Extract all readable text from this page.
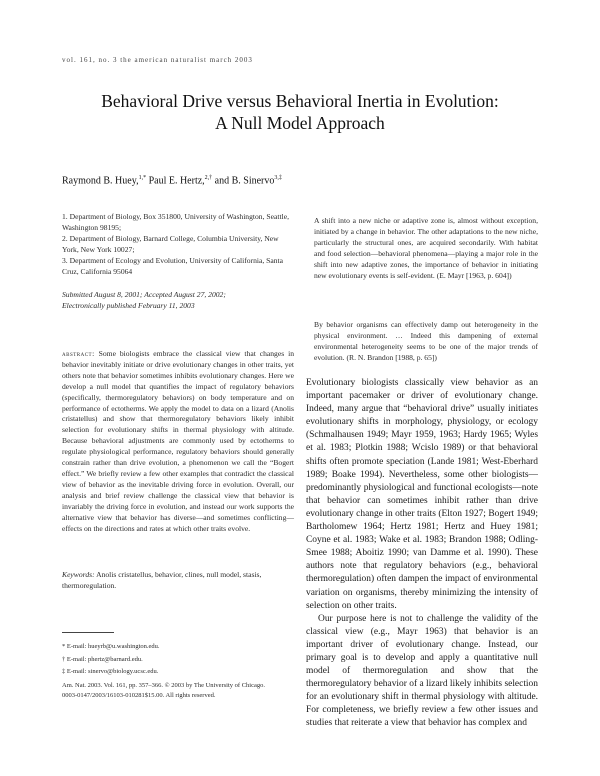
vol. 161, no. 3 the american naturalist march 2003
Behavioral Drive versus Behavioral Inertia in Evolution:
A Null Model Approach
Raymond B. Huey,$^{1,*}$ Paul E. Hertz,$^{2,\dagger}$ and B. Sinervo$^{3,\ddagger}$

1. Department of Biology, Box 351800, University of Washington, Seattle, Washington 98195;

2. Department of Biology, Barnard College, Columbia University, New York, New York 10027;

3. Department of Ecology and Evolution, University of California, Santa Cruz, California 95064

Submitted August 8, 2001; Accepted August 27, 2002;

Electronically published February 11, 2003

abstract: Some biologists embrace the classical view that changes in behavior inevitably initiate or drive evolutionary changes in other traits, yet others note that behavior sometimes inhibits evolutionary changes. Here we develop a null model that quantifies the impact of regulatory behaviors (specifically, thermoregulatory behaviors) on body temperature and on performance of ectotherms. We apply the model to data on a lizard (Anolis cristatellus) and show that thermoregulatory behaviors likely inhibit selection for evolutionary shifts in thermal physiology with altitude. Because behavioral adjustments are commonly used by ectotherms to regulate physiological performance, regulatory behaviors should generally constrain rather than drive evolution, a phenomenon we call the “Bogert effect.” We briefly review a few other examples that contradict the classical view of behavior as the inevitable driving force in evolution. Overall, our analysis and brief review challenge the classical view that behavior is invariably the driving force in evolution, and instead our work supports the alternative view that behavior has diverse—and sometimes conflicting—effects on the directions and rates at which other traits evolve.
Keywords: Anolis cristatellus, behavior, clines, null model, stasis, thermoregulation.

* E-mail: hueyrb@u.washington.edu.

† E-mail: phertz@barnard.edu.

‡ E-mail: sinervo@biology.ucsc.edu.

Am. Nat. 2003. Vol. 161, pp. 357–366. © 2003 by The University of Chicago.

0003-0147/2003/16103-010281$15.00. All rights reserved.

A shift into a new niche or adaptive zone is, almost without exception, initiated by a change in behavior. The other adaptations to the new niche, particularly the structural ones, are acquired secondarily. With habitat and food selection—behavioral phenomena—playing a major role in the shift into new adaptive zones, the importance of behavior in initiating new evolutionary events is self-evident. (E. Mayr [1963, p. 604])

By behavior organisms can effectively damp out heterogeneity in the physical environment. … Indeed this dampening of external environmental heterogeneity seems to be one of the major trends of evolution. (R. N. Brandon [1988, p. 65])

Evolutionary biologists classically view behavior as an important pacemaker or driver of evolutionary change. Indeed, many argue that “behavioral drive” usually initiates evolutionary shifts in morphology, physiology, or ecology (Schmalhausen 1949; Mayr 1959, 1963; Hardy 1965; Wyles et al. 1983; Plotkin 1988; Wcislo 1989) or that behavioral shifts often promote speciation (Lande 1981; West-Eberhard 1989; Boake 1994). Nevertheless, some other biologists—predominantly physiological and functional ecologists—note that behavior can sometimes inhibit rather than drive evolutionary change in other traits (Elton 1927; Bogert 1949; Bartholomew 1964; Hertz 1981; Hertz and Huey 1981; Coyne et al. 1983; Wake et al. 1983; Brandon 1988; Odling-Smee 1988; Aboitiz 1990; van Damme et al. 1990). These authors note that regulatory behaviors (e.g., behavioral thermoregulation) often dampen the impact of environmental variation on organisms, thereby minimizing the intensity of selection on other traits.

Our purpose here is not to challenge the validity of the classical view (e.g., Mayr 1963) that behavior is an important driver of evolutionary change. Instead, our primary goal is to develop and apply a quantitative null model of thermoregulation and show that the thermoregulatory behavior of a lizard likely inhibits selection for an evolutionary shift in thermal physiology with altitude. For completeness, we briefly review a few other issues and studies that reiterate a view that behavior has complex and
